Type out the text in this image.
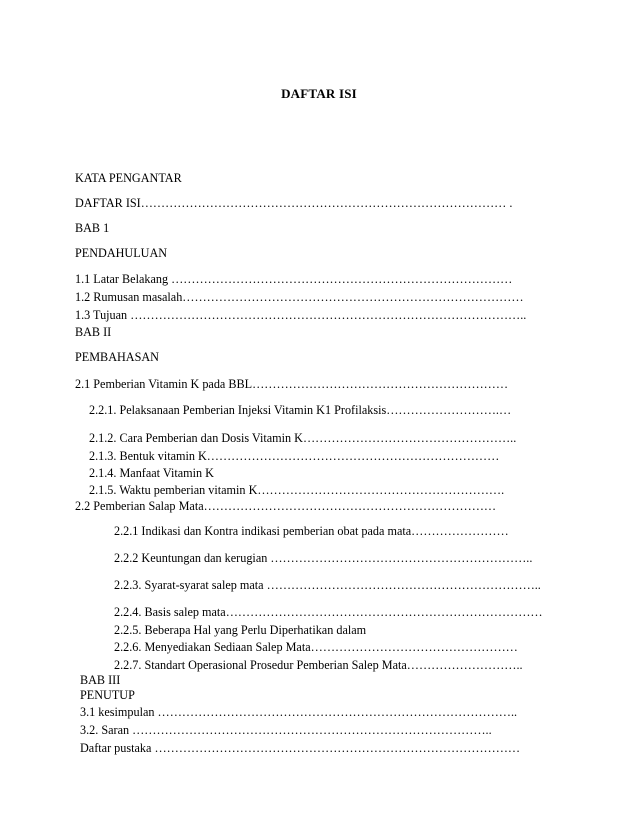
DAFTAR ISI
KATA PENGANTAR
DAFTAR ISI……………………………………………………………………………… .
BAB 1
PENDAHULUAN
1.1 Latar Belakang …………………………………………………………………………
1.2 Rumusan masalah…………………………………………………………………………
1.3 Tujuan ……………………………………………………………………………………..
BAB II
PEMBAHASAN
2.1 Pemberian Vitamin K pada BBL………………………………………………………
2.2.1. Pelaksanaan Pemberian Injeksi Vitamin K1 Profilaksis……………………….…
2.1.2. Cara Pemberian dan Dosis Vitamin K……………………………………………..
2.1.3. Bentuk vitamin K………………………………………………………………
2.1.4. Manfaat Vitamin K
2.1.5. Waktu pemberian vitamin K…………………………………………………….
2.2 Pemberian Salap Mata………………………………………………………………
2.2.1 Indikasi dan Kontra indikasi pemberian obat pada mata……………………
2.2.2 Keuntungan dan kerugian ………………………………………………………..
2.2.3. Syarat-syarat salep mata …………………………………………………………..
2.2.4. Basis salep mata……………………………………………………………………
2.2.5. Beberapa Hal yang Perlu Diperhatikan dalam
2.2.6. Menyediakan Sediaan Salep Mata……………………………………………
2.2.7. Standart Operasional Prosedur Pemberian Salep Mata………………………..
BAB III
PENUTUP
3.1 kesimpulan ……………………………………………………………………………..
3.2. Saran ……………………………………………………………………………..
Daftar pustaka ………………………………………………………………………………
